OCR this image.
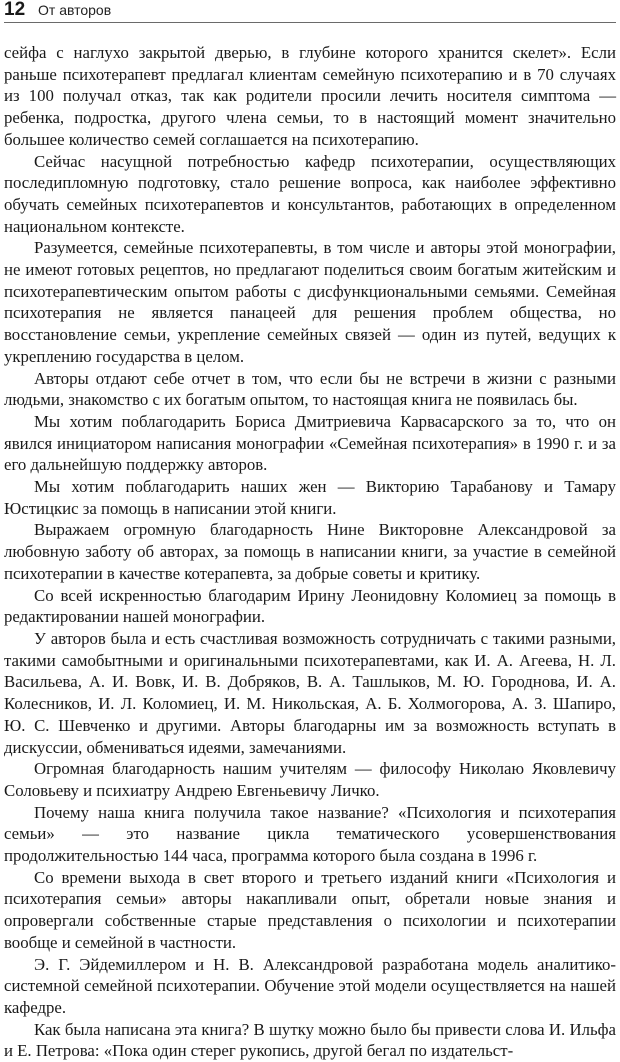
12 От авторов

сейфа с наглухо закрытой дверью, в глубине которого хранится скелет». Если раньше психотерапевт предлагал клиентам семейную психотерапию и в 70 случаях из 100 получал отказ, так как родители просили лечить носителя симптома — ребенка, подростка, другого члена семьи, то в настоящий момент значительно большее количество семей соглашается на психотерапию.

Сейчас насущной потребностью кафедр психотерапии, осуществляющих последипломную подготовку, стало решение вопроса, как наиболее эффективно обучать семейных психотерапевтов и консультантов, работающих в определенном национальном контексте.

Разумеется, семейные психотерапевты, в том числе и авторы этой монографии, не имеют готовых рецептов, но предлагают поделиться своим богатым житейским и психотерапевтическим опытом работы с дисфункциональными семьями. Семейная психотерапия не является панацеей для решения проблем общества, но восстановление семьи, укрепление семейных связей — один из путей, ведущих к укреплению государства в целом.

Авторы отдают себе отчет в том, что если бы не встречи в жизни с разными людьми, знакомство с их богатым опытом, то настоящая книга не появилась бы.

Мы хотим поблагодарить Бориса Дмитриевича Карвасарского за то, что он явился инициатором написания монографии «Семейная психотерапия» в 1990 г. и за его дальнейшую поддержку авторов.

Мы хотим поблагодарить наших жен — Викторию Тарабанову и Тамару Юстицкис за помощь в написании этой книги.

Выражаем огромную благодарность Нине Викторовне Александровой за любовную заботу об авторах, за помощь в написании книги, за участие в семейной психотерапии в качестве котерапевта, за добрые советы и критику.

Со всей искренностью благодарим Ирину Леонидовну Коломиец за помощь в редактировании нашей монографии.

У авторов была и есть счастливая возможность сотрудничать с такими разными, такими самобытными и оригинальными психотерапевтами, как И. А. Агеева, Н. Л. Васильева, А. И. Вовк, И. В. Добряков, В. А. Ташлыков, М. Ю. Городнова, И. А. Колесников, И. Л. Коломиец, И. М. Никольская, А. Б. Холмогорова, А. З. Шапиро, Ю. С. Шевченко и другими. Авторы благодарны им за возможность вступать в дискуссии, обмениваться идеями, замечаниями.

Огромная благодарность нашим учителям — философу Николаю Яковлевичу Соловьеву и психиатру Андрею Евгеньевичу Личко.

Почему наша книга получила такое название? «Психология и психотерапия семьи» — это название цикла тематического усовершенствования продолжительностью 144 часа, программа которого была создана в 1996 г.

Со времени выхода в свет второго и третьего изданий книги «Психология и психотерапия семьи» авторы накапливали опыт, обретали новые знания и опровергали собственные старые представления о психологии и психотерапии вообще и семейной в частности.

Э. Г. Эйдемиллером и Н. В. Александровой разработана модель аналитико-системной семейной психотерапии. Обучение этой модели осуществляется на нашей кафедре.

Как была написана эта книга? В шутку можно было бы привести слова И. Ильфа и Е. Петрова: «Пока один стерег рукопись, другой бегал по издательст-
